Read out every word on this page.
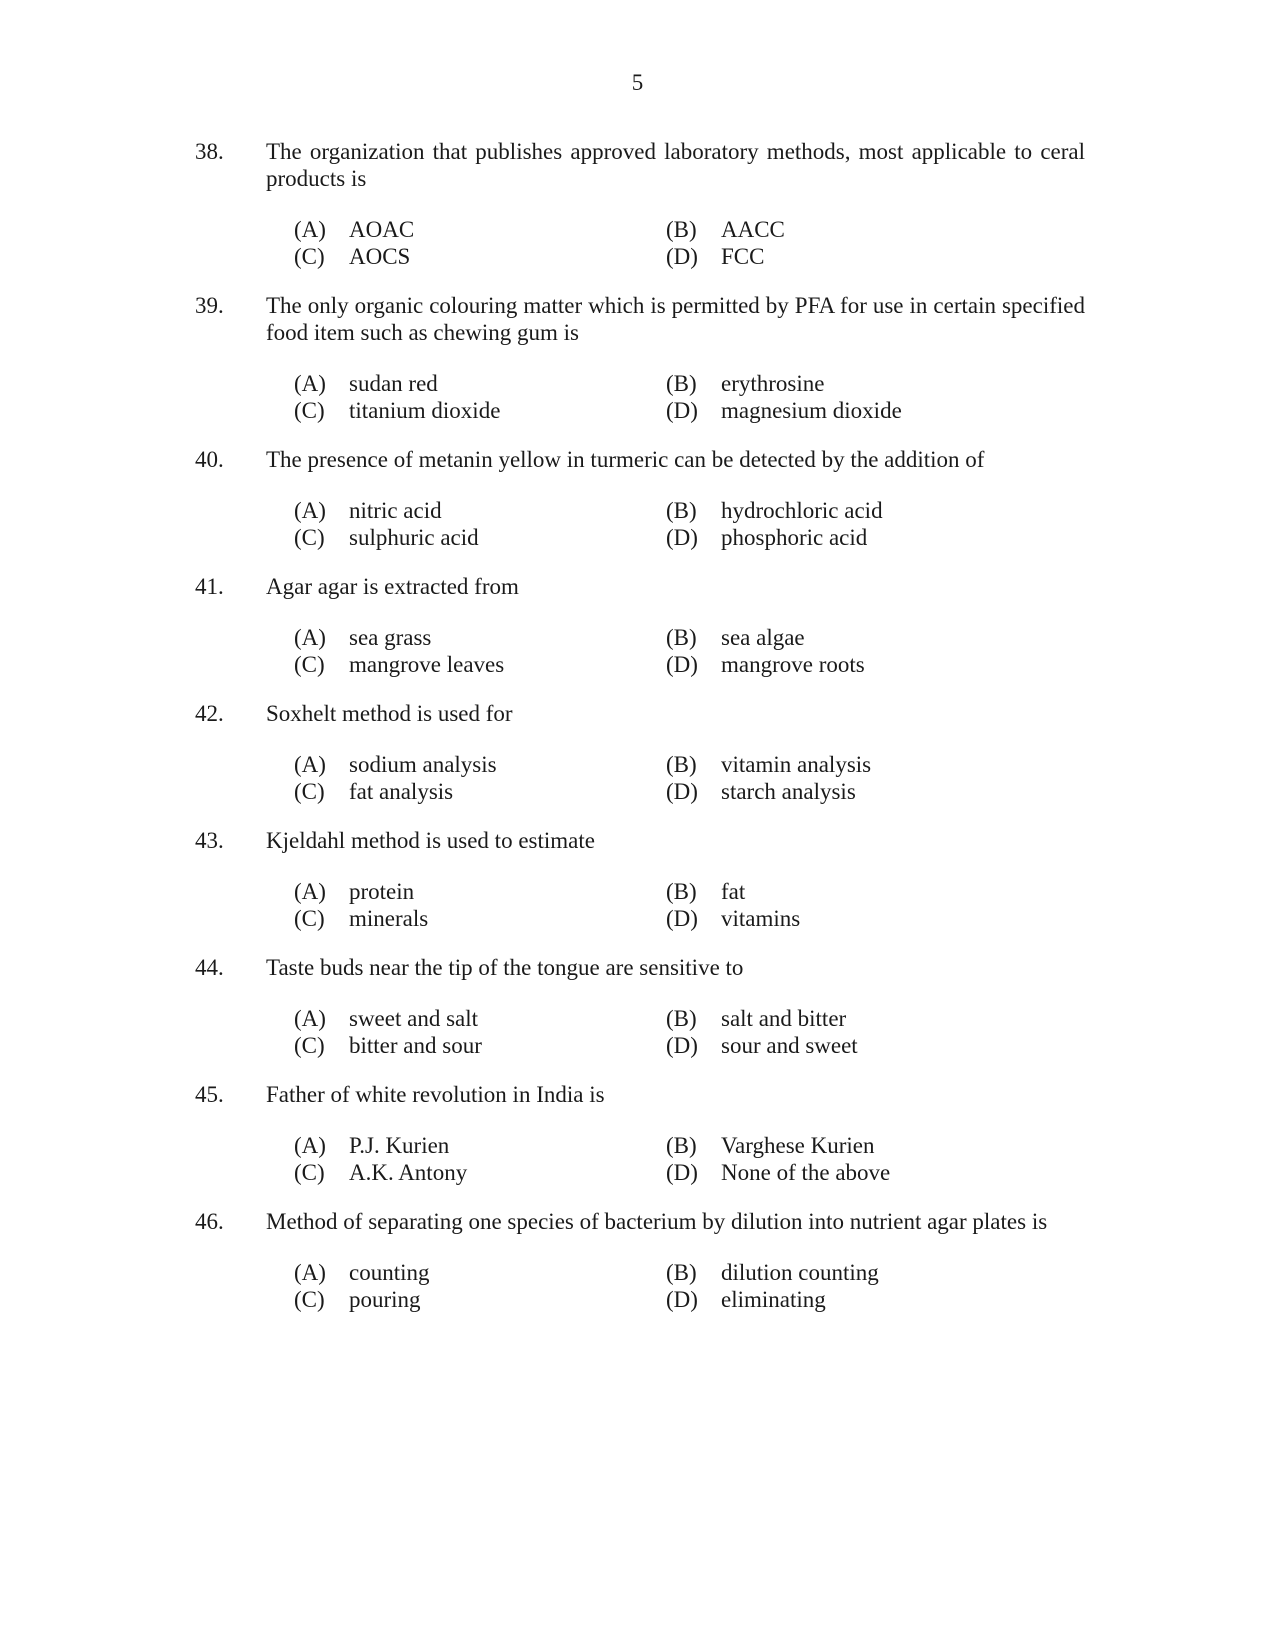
5
38.	The organization that publishes approved laboratory methods, most applicable to ceral products is
(A)	AOAC	(B)	AACC
(C)	AOCS	(D)	FCC
39.	The only organic colouring matter which is permitted by PFA for use in certain specified food item such as chewing gum is
(A)	sudan red	(B)	erythrosine
(C)	titanium dioxide	(D)	magnesium dioxide
40.	The presence of metanin yellow in turmeric can be detected by the addition of
(A)	nitric acid	(B)	hydrochloric acid
(C)	sulphuric acid	(D)	phosphoric acid
41.	Agar agar is extracted from
(A)	sea grass	(B)	sea algae
(C)	mangrove leaves	(D)	mangrove roots
42.	Soxhelt method is used for
(A)	sodium analysis	(B)	vitamin analysis
(C)	fat analysis	(D)	starch analysis
43.	Kjeldahl method is used to estimate
(A)	protein	(B)	fat
(C)	minerals	(D)	vitamins
44.	Taste buds near the tip of the tongue are sensitive to
(A)	sweet and salt	(B)	salt and bitter
(C)	bitter and sour	(D)	sour and sweet
45.	Father of white revolution in India is
(A)	P.J. Kurien	(B)	Varghese Kurien
(C)	A.K. Antony	(D)	None of the above
46.	Method of separating one species of bacterium by dilution into nutrient agar plates is
(A)	counting	(B)	dilution counting
(C)	pouring	(D)	eliminating
